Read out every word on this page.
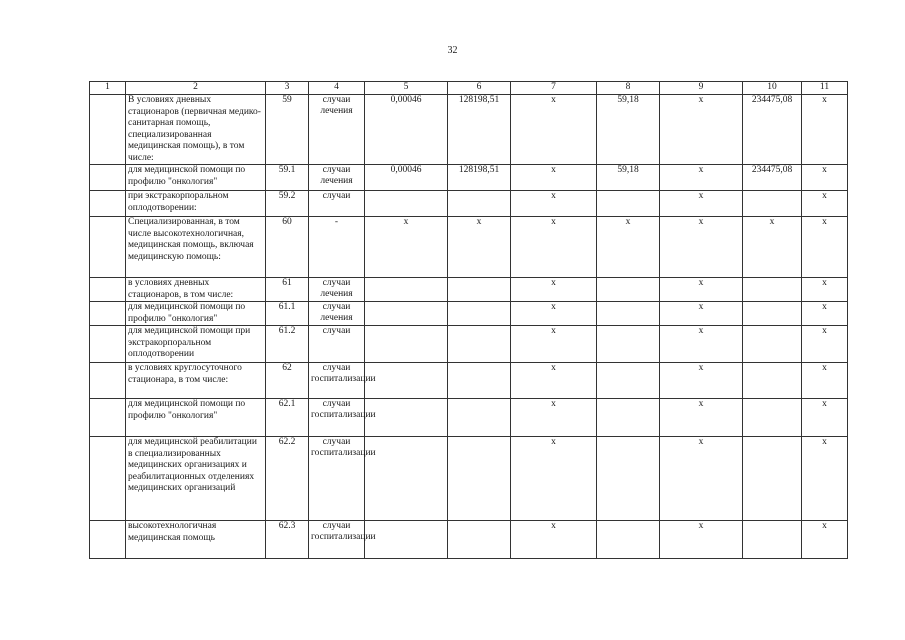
32
1	2	3	4	5	6	7	8	9	10	11
	В условиях дневных стационаров (первичная медико-санитарная помощь, специализированная медицинская помощь), в том числе:	59	случаи лечения	0,00046	128198,51	х	59,18	х	234475,08	х
	для медицинской помощи по профилю "онкология"	59.1	случаи лечения	0,00046	128198,51	х	59,18	х	234475,08	х
	при экстракорпоральном оплодотворении:	59.2	случаи			х		х		х
	Специализированная, в том числе высокотехнологичная, медицинская помощь, включая медицинскую помощь:	60	-	х	х	х	х	х	х	х
	в условиях дневных стационаров, в том числе:	61	случаи лечения			х		х		х
	для медицинской помощи по профилю "онкология"	61.1	случаи лечения			х		х		х
	для медицинской помощи при экстракорпоральном оплодотворении	61.2	случаи			х		х		х
	в условиях круглосуточного стационара, в том числе:	62	случаи госпитализации			х		х		х
	для медицинской помощи по профилю "онкология"	62.1	случаи госпитализации			х		х		х
	для медицинской реабилитации в специализированных медицинских организациях и реабилитационных отделениях медицинских организаций	62.2	случаи госпитализации			х		х		х
	высокотехнологичная медицинская помощь	62.3	случаи госпитализации			х		х		х
